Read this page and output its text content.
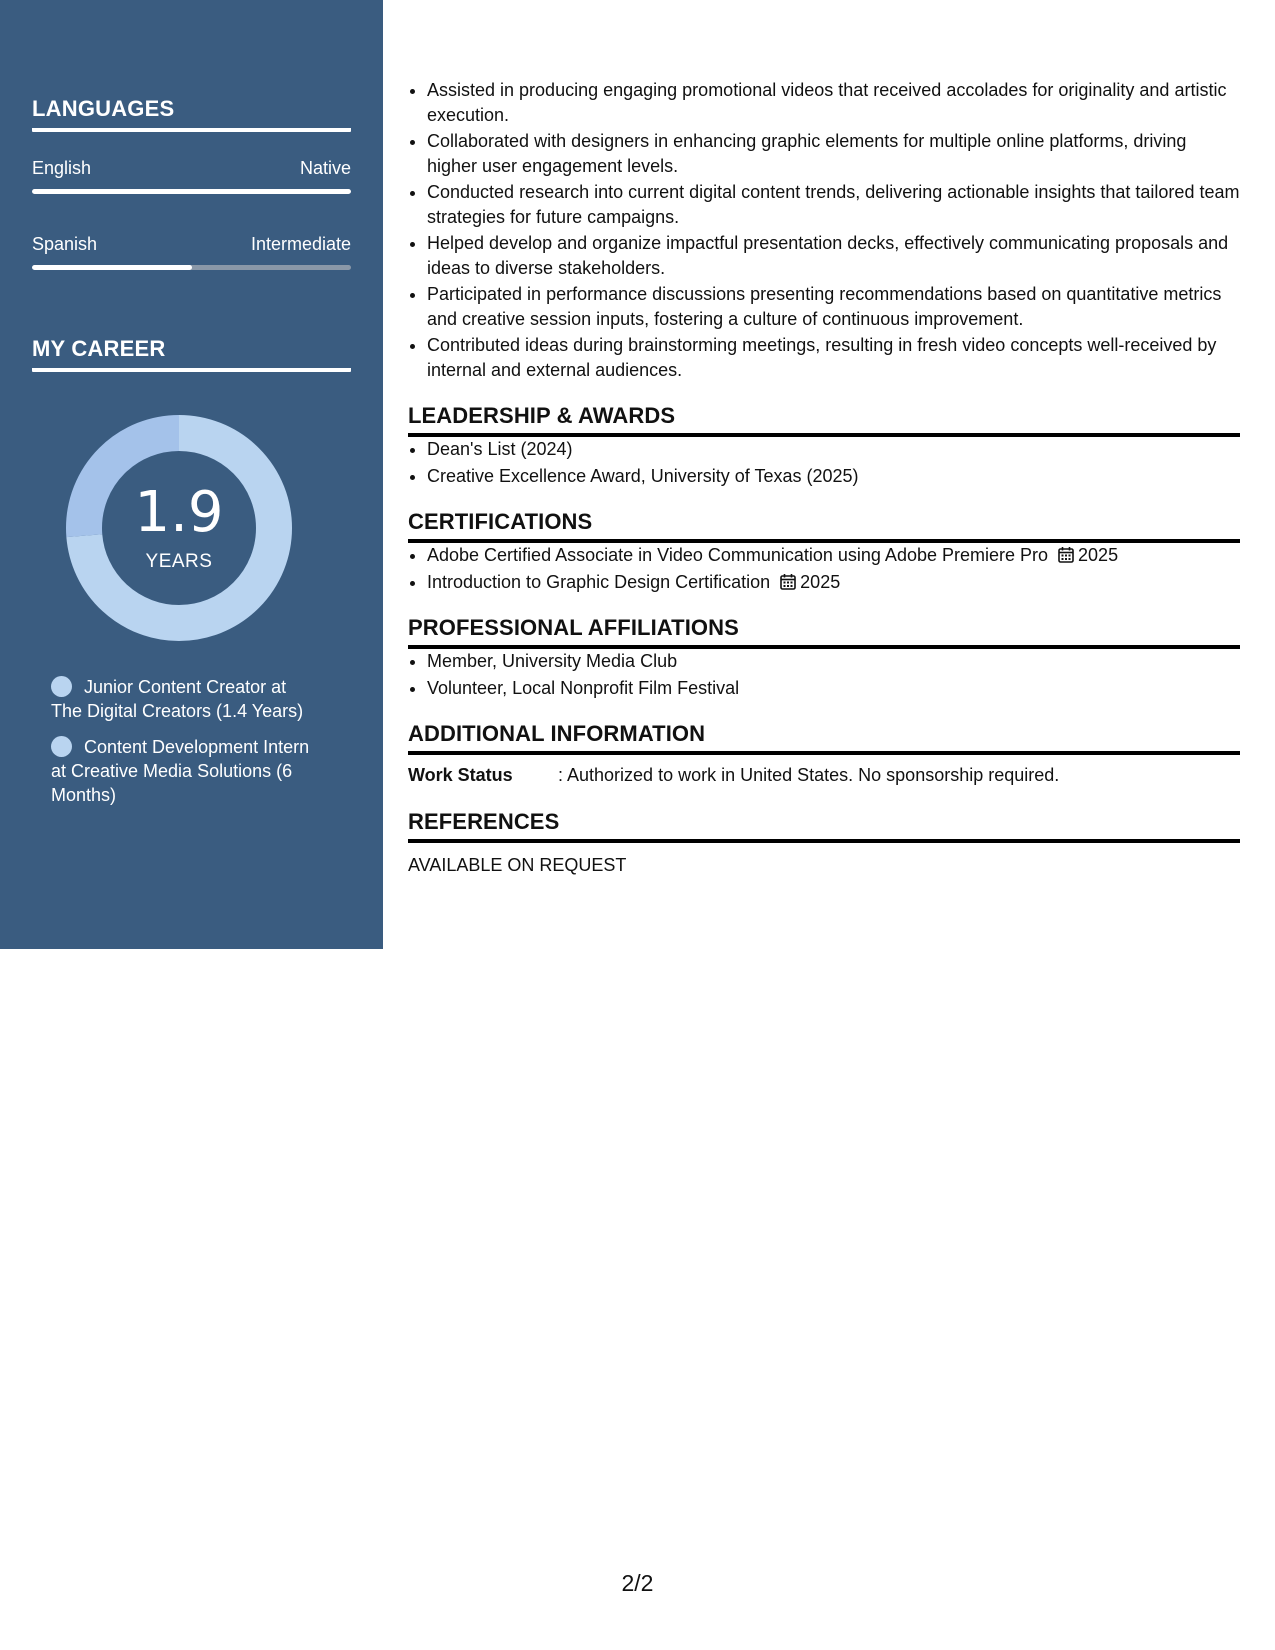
LANGUAGES
English	Native
Spanish	Intermediate
MY CAREER
1.9
YEARS
Junior Content Creator at The Digital Creators (1.4 Years)
Content Development Intern at Creative Media Solutions (6 Months)
• Assisted in producing engaging promotional videos that received accolades for originality and artistic execution.
• Collaborated with designers in enhancing graphic elements for multiple online platforms, driving higher user engagement levels.
• Conducted research into current digital content trends, delivering actionable insights that tailored team strategies for future campaigns.
• Helped develop and organize impactful presentation decks, effectively communicating proposals and ideas to diverse stakeholders.
• Participated in performance discussions presenting recommendations based on quantitative metrics and creative session inputs, fostering a culture of continuous improvement.
• Contributed ideas during brainstorming meetings, resulting in fresh video concepts well-received by internal and external audiences.
LEADERSHIP & AWARDS
• Dean's List (2024)
• Creative Excellence Award, University of Texas (2025)
CERTIFICATIONS
• Adobe Certified Associate in Video Communication using Adobe Premiere Pro 2025
• Introduction to Graphic Design Certification 2025
PROFESSIONAL AFFILIATIONS
• Member, University Media Club
• Volunteer, Local Nonprofit Film Festival
ADDITIONAL INFORMATION
Work Status	: Authorized to work in United States. No sponsorship required.
REFERENCES
AVAILABLE ON REQUEST
2/2
